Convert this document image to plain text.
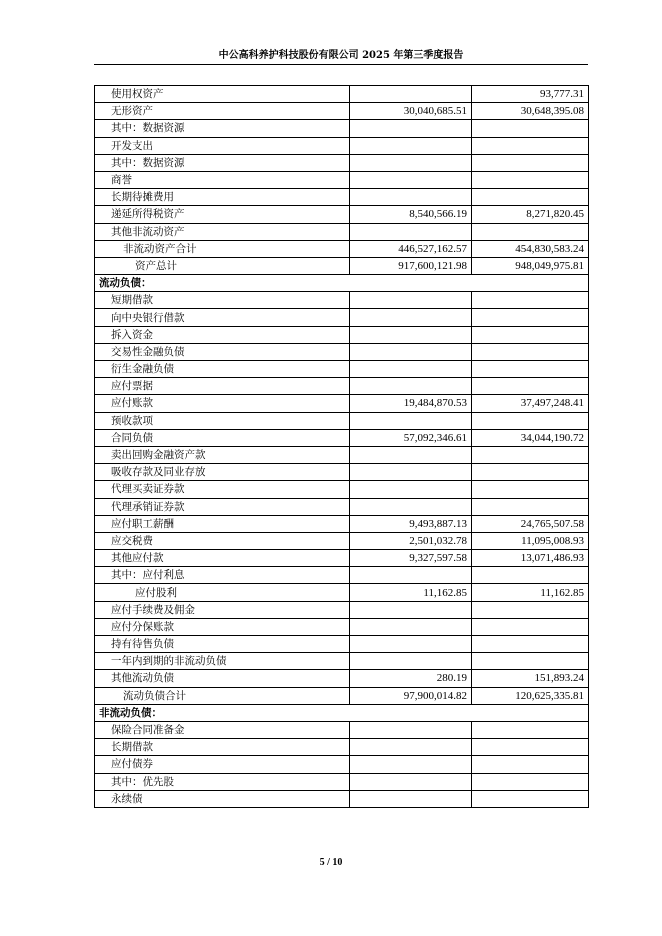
中公高科养护科技股份有限公司 2025 年第三季度报告
使用权资产		93,777.31
无形资产	30,040,685.51	30,648,395.08
其中：数据资源		
开发支出		
其中：数据资源		
商誉		
长期待摊费用		
递延所得税资产	8,540,566.19	8,271,820.45
其他非流动资产		
非流动资产合计	446,527,162.57	454,830,583.24
资产总计	917,600,121.98	948,049,975.81
流动负债：		
短期借款		
向中央银行借款		
拆入资金		
交易性金融负债		
衍生金融负债		
应付票据		
应付账款	19,484,870.53	37,497,248.41
预收款项		
合同负债	57,092,346.61	34,044,190.72
卖出回购金融资产款		
吸收存款及同业存放		
代理买卖证券款		
代理承销证券款		
应付职工薪酬	9,493,887.13	24,765,507.58
应交税费	2,501,032.78	11,095,008.93
其他应付款	9,327,597.58	13,071,486.93
其中：应付利息		
应付股利	11,162.85	11,162.85
应付手续费及佣金		
应付分保账款		
持有待售负债		
一年内到期的非流动负债		
其他流动负债	280.19	151,893.24
流动负债合计	97,900,014.82	120,625,335.81
非流动负债：		
保险合同准备金		
长期借款		
应付债券		
其中：优先股		
永续债		
5 / 10
